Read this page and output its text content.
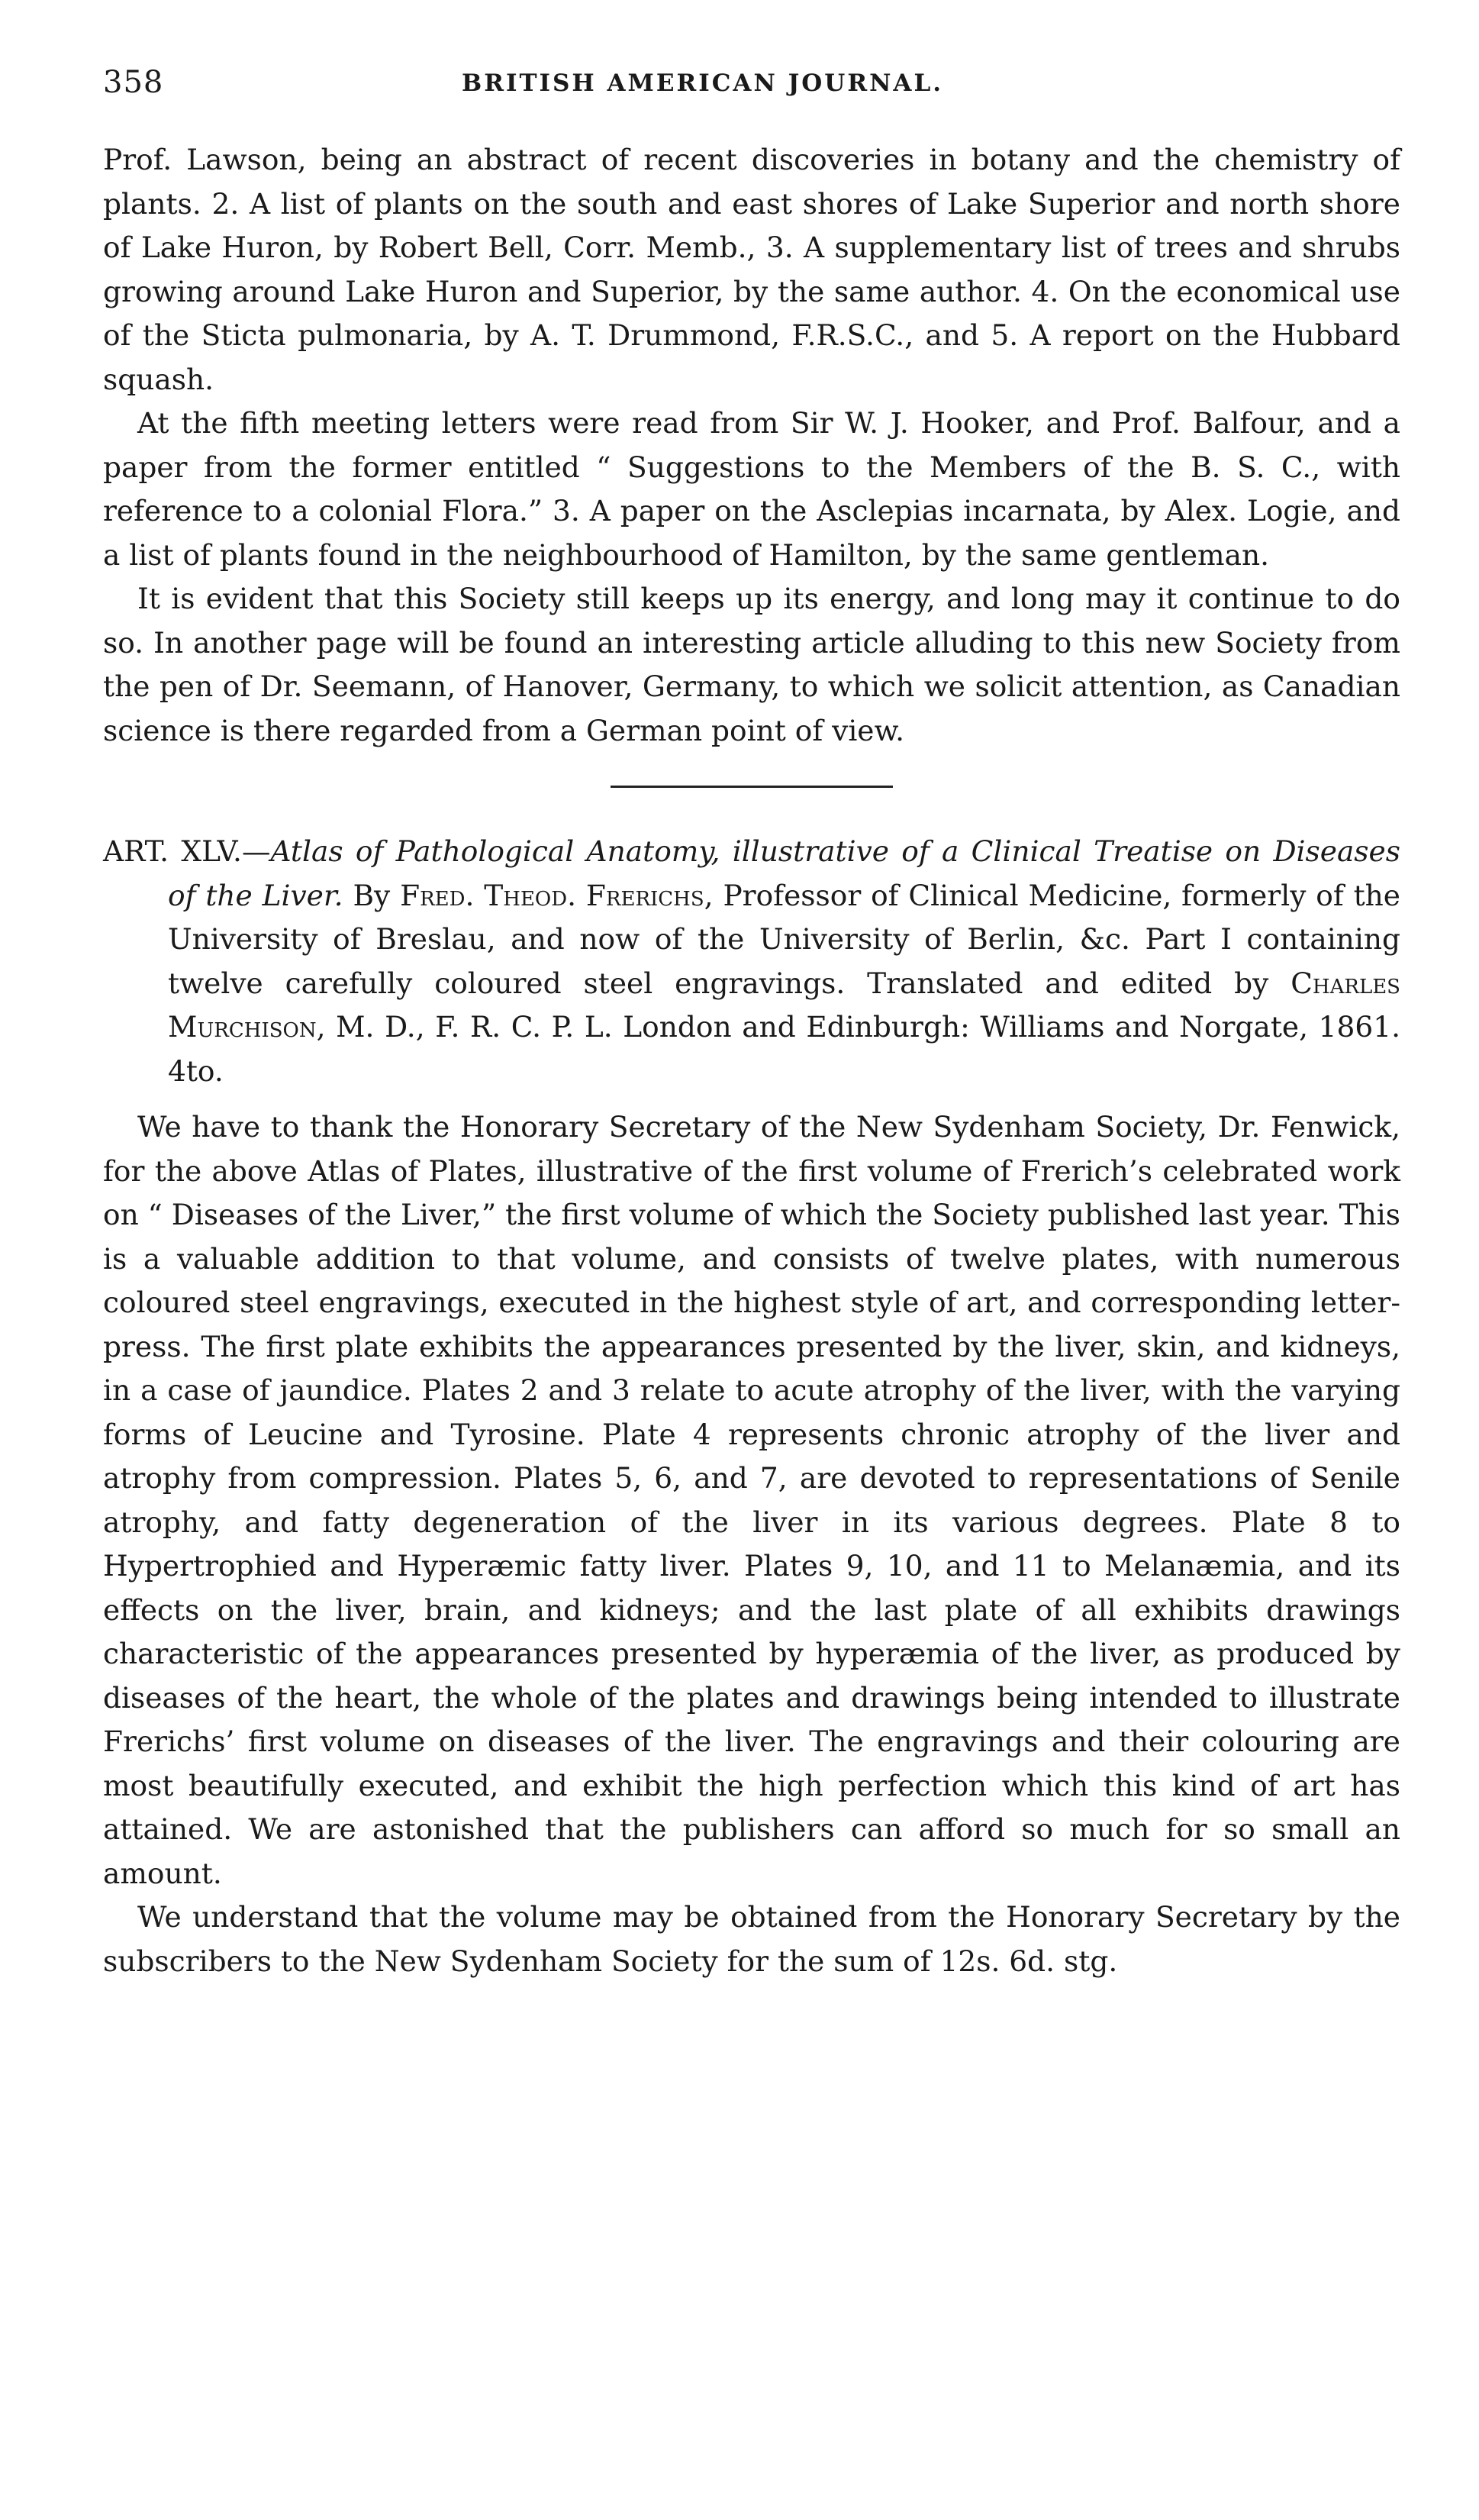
358	BRITISH AMERICAN JOURNAL.

Prof. Lawson, being an abstract of recent discoveries in botany and the chemistry of plants. 2. A list of plants on the south and east shores of Lake Superior and north shore of Lake Huron, by Robert Bell, Corr. Memb., 3. A supplementary list of trees and shrubs growing around Lake Huron and Superior, by the same author. 4. On the economical use of the Sticta pulmonaria, by A. T. Drummond, F.R.S.C., and 5. A report on the Hubbard squash.

At the fifth meeting letters were read from Sir W. J. Hooker, and Prof. Balfour, and a paper from the former entitled “ Suggestions to the Members of the B. S. C., with reference to a colonial Flora.” 3. A paper on the Asclepias incarnata, by Alex. Logie, and a list of plants found in the neighbourhood of Hamilton, by the same gentleman.

It is evident that this Society still keeps up its energy, and long may it continue to do so. In another page will be found an interesting article alluding to this new Society from the pen of Dr. Seemann, of Hanover, Germany, to which we solicit attention, as Canadian science is there regarded from a German point of view.

ART. XLV.—Atlas of Pathological Anatomy, illustrative of a Clinical Treatise on Diseases of the Liver. By Fred. Theod. Frerichs, Professor of Clinical Medicine, formerly of the University of Breslau, and now of the University of Berlin, &c. Part I containing twelve carefully coloured steel engravings. Translated and edited by Charles Murchison, M. D., F. R. C. P. L. London and Edinburgh: Williams and Norgate, 1861. 4to.

We have to thank the Honorary Secretary of the New Sydenham Society, Dr. Fenwick, for the above Atlas of Plates, illustrative of the first volume of Frerich’s celebrated work on “ Diseases of the Liver,” the first volume of which the Society published last year. This is a valuable addition to that volume, and consists of twelve plates, with numerous coloured steel engravings, executed in the highest style of art, and corresponding letter-press. The first plate exhibits the appearances presented by the liver, skin, and kidneys, in a case of jaundice. Plates 2 and 3 relate to acute atrophy of the liver, with the varying forms of Leucine and Tyrosine. Plate 4 represents chronic atrophy of the liver and atrophy from compression. Plates 5, 6, and 7, are devoted to representations of Senile atrophy, and fatty degeneration of the liver in its various degrees. Plate 8 to Hypertrophied and Hyperæmic fatty liver. Plates 9, 10, and 11 to Melanæmia, and its effects on the liver, brain, and kidneys; and the last plate of all exhibits drawings characteristic of the appearances presented by hyperæmia of the liver, as produced by diseases of the heart, the whole of the plates and drawings being intended to illustrate Frerichs’ first volume on diseases of the liver. The engravings and their colouring are most beautifully executed, and exhibit the high perfection which this kind of art has attained. We are astonished that the publishers can afford so much for so small an amount.

We understand that the volume may be obtained from the Honorary Secretary by the subscribers to the New Sydenham Society for the sum of 12s. 6d. stg.
